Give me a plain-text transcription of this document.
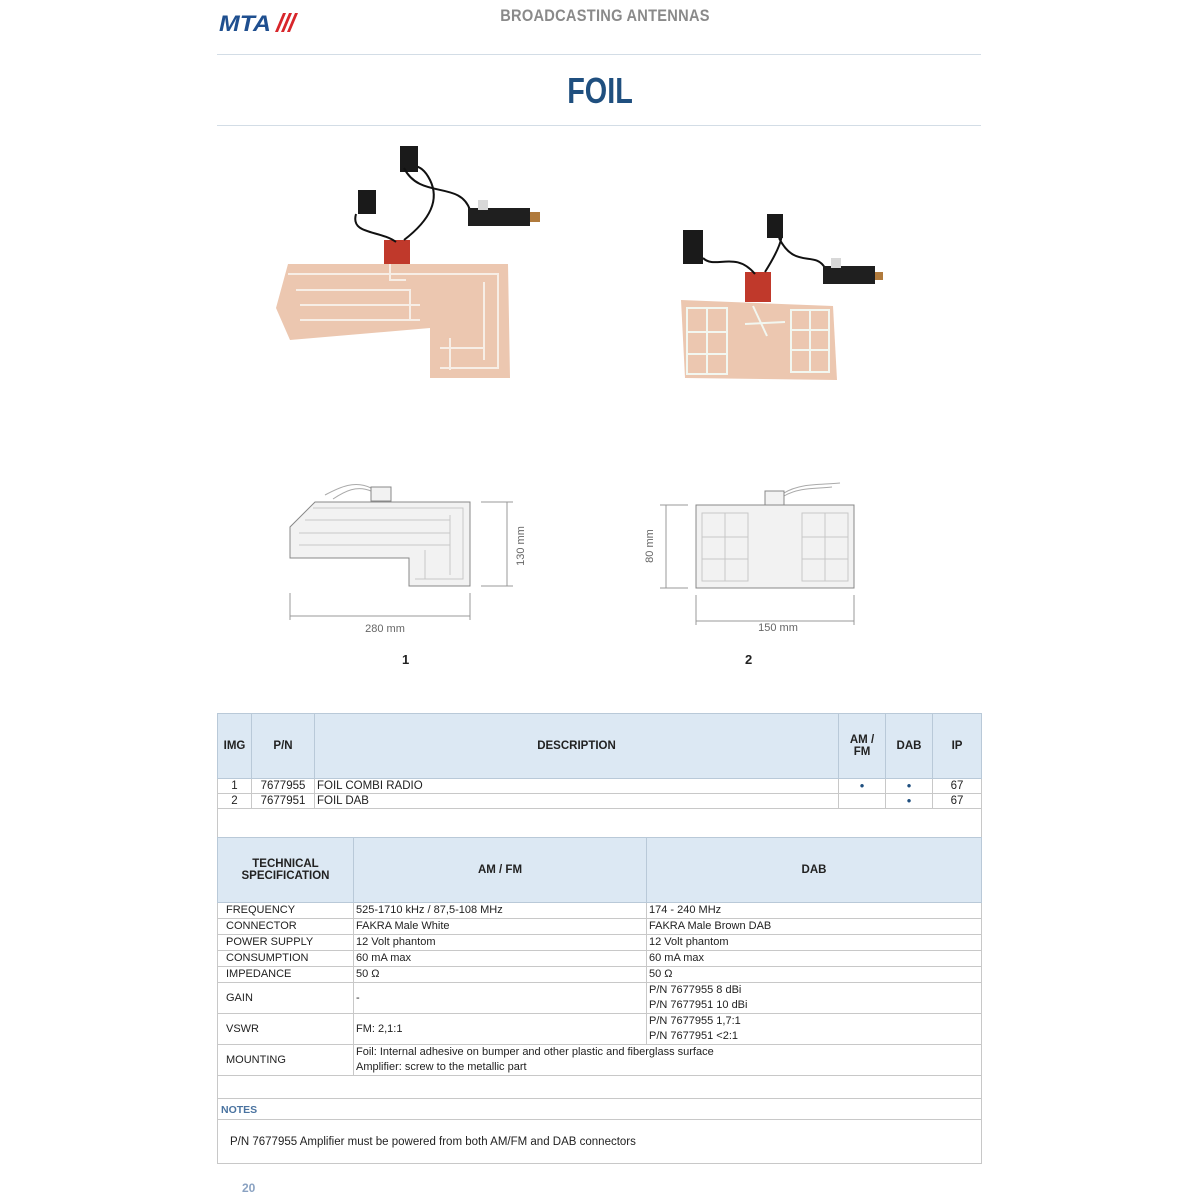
MTA	BROADCASTING ANTENNAS
FOIL
130 mm
280 mm
1
80 mm
150 mm
2
IMG	P/N	DESCRIPTION	AM / FM	DAB	IP
1	7677955	FOIL COMBI RADIO	•	•	67
2	7677951	FOIL DAB		•	67
TECHNICAL
SPECIFICATION	AM / FM	DAB
FREQUENCY	525-1710 kHz / 87,5-108 MHz	174 - 240 MHz
CONNECTOR	FAKRA Male White	FAKRA Male Brown DAB
POWER SUPPLY	12 Volt phantom	12 Volt phantom
CONSUMPTION	60 mA max	60 mA max
IMPEDANCE	50 Ω	50 Ω
GAIN	-	P/N 7677955 8 dBi
P/N 7677951 10 dBi
VSWR	FM: 2,1:1	P/N 7677955 1,7:1
P/N 7677951 <2:1
MOUNTING	Foil: Internal adhesive on bumper and other plastic and fiberglass surface
Amplifier: screw to the metallic part	
NOTES
P/N 7677955 Amplifier must be powered from both AM/FM and DAB connectors
20
